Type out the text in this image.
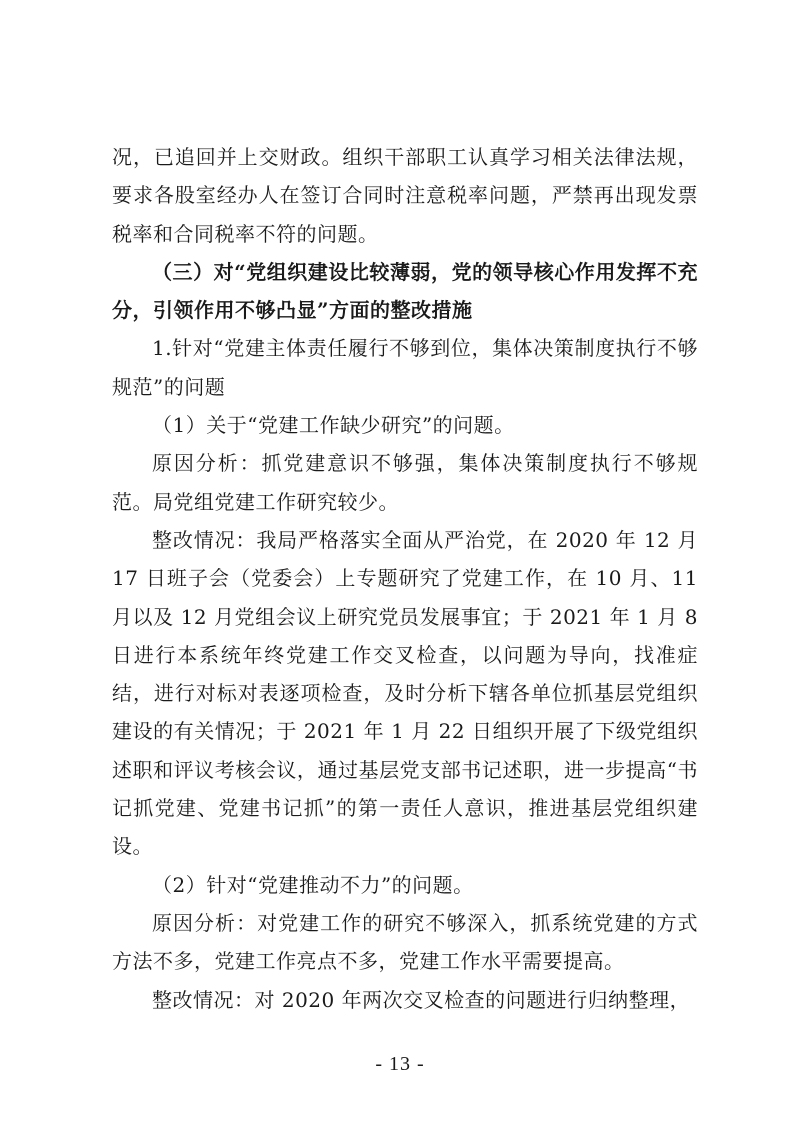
况，已追回并上交财政。组织干部职工认真学习相关法律法规，要求各股室经办人在签订合同时注意税率问题，严禁再出现发票税率和合同税率不符的问题。

（三）对“党组织建设比较薄弱，党的领导核心作用发挥不充分，引领作用不够凸显”方面的整改措施

1.针对“党建主体责任履行不够到位，集体决策制度执行不够规范”的问题

（1）关于“党建工作缺少研究”的问题。

原因分析：抓党建意识不够强，集体决策制度执行不够规范。局党组党建工作研究较少。

整改情况：我局严格落实全面从严治党，在 2020 年 12 月 17 日班子会（党委会）上专题研究了党建工作，在 10 月、11 月以及 12 月党组会议上研究党员发展事宜；于 2021 年 1 月 8 日进行本系统年终党建工作交叉检查，以问题为导向，找准症结，进行对标对表逐项检查，及时分析下辖各单位抓基层党组织建设的有关情况；于 2021 年 1 月 22 日组织开展了下级党组织述职和评议考核会议，通过基层党支部书记述职，进一步提高“书记抓党建、党建书记抓”的第一责任人意识，推进基层党组织建设。

（2）针对“党建推动不力”的问题。

原因分析：对党建工作的研究不够深入，抓系统党建的方式方法不多，党建工作亮点不多，党建工作水平需要提高。

整改情况：对 2020 年两次交叉检查的问题进行归纳整理，

- 13 -
